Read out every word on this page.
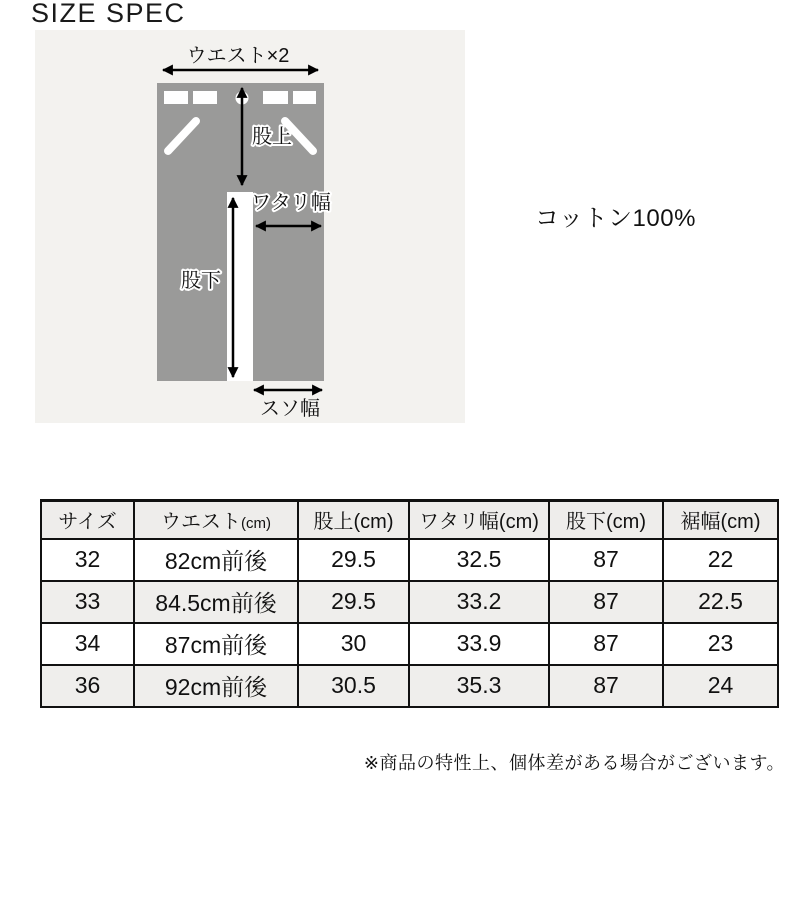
SIZE SPEC
ウエスト×2
股上
ワタリ幅
股下
スソ幅
コットン100%
サイズ	ウエスト(cm)	股上(cm)	ワタリ幅(cm)	股下(cm)	裾幅(cm)
32	82cm前後	29.5	32.5	87	22
33	84.5cm前後	29.5	33.2	87	22.5
34	87cm前後	30	33.9	87	23
36	92cm前後	30.5	35.3	87	24
※商品の特性上、個体差がある場合がございます。
